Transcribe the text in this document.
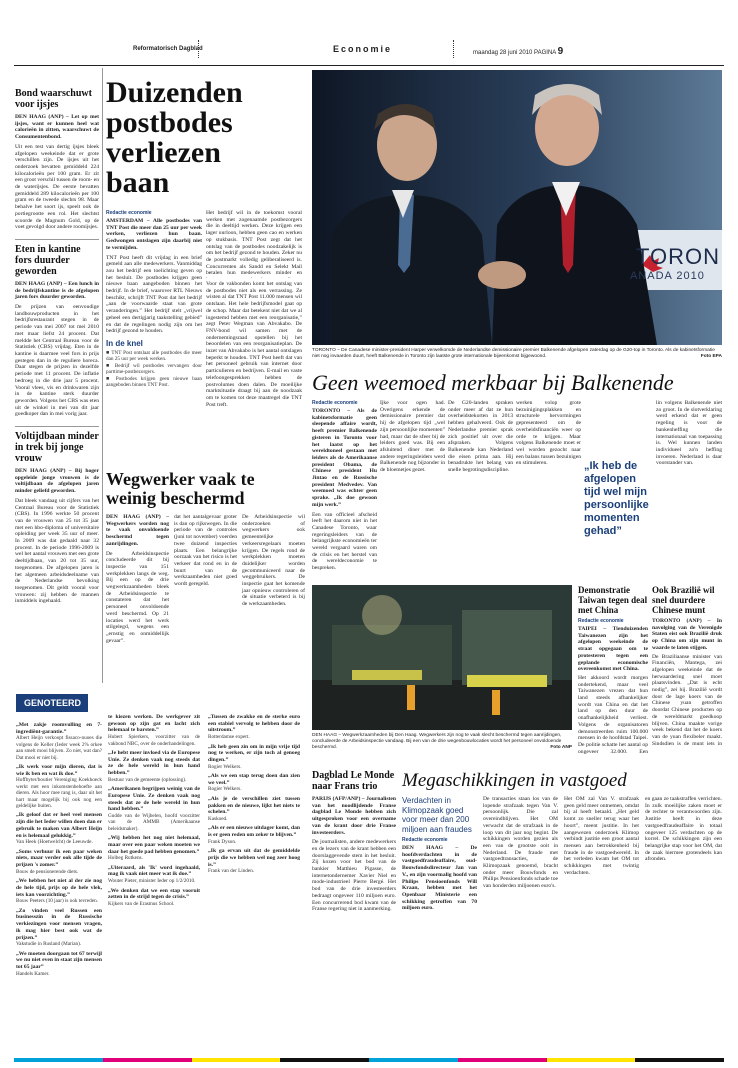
Reformatorisch Dagblad	Economie	maandag 28 juni 2010 PAGINA 9
Bond waarschuwt voor ijsjes
DEN HAAG (ANP) – Let op met ijsjes, want er kunnen heel wat calorieën in zitten, waarschuwt de Consumentenbond.
Uit een test van dertig ijsjes bleek afgelopen weekeinde dat er grote verschillen zijn. De ijsjes uit het onderzoek bevatten gemiddeld 224 kilocalorieën per 100 gram. Er zit een groot verschil tussen de room- en de waterijsjes. De eerste bevatten gemiddeld 289 kilocalorieën per 100 gram en de tweede slechts 98. Maar behalve het soort ijs, speelt ook de portiegrootte een rol. Het slechtst scoorde de Magnum Gold, op de voet gevolgd door andere roomijsjes.
Eten in kantine fors duurder geworden
DEN HAAG (ANP) – Een lunch in de bedrijfskantine is de afgelopen jaren fors duurder geworden.
De prijzen van eenvoudige landbouwproducten in het bedrijfsrestaurant stegen in de periode van mei 2007 tot mei 2010 met maar liefst 24 procent. Dat meldde het Centraal Bureau voor de Statistiek (CBS) vrijdag. Eten in de kantine is daarmee veel fors in prijs gestegen dan in de reguliere horeca. Daar stegen de prijzen in dezelfde periode met 11 procent. De inflatie bedroeg in die drie jaar 5 procent. Vooral vlees, vis en drinkwaren zijn in de kantine sterk duurder geworden. Volgens het CBS was eten uit de winkel in mei van dit jaar goedkoper dan in mei vorig jaar.
Voltijdbaan minder in trek bij jonge vrouw
DEN HAAG (ANP) – Bij hoger opgeleide jonge vrouwen is de voltijdbaan de afgelopen jaren minder geliefd geworden.
Dat bleek vandaag uit cijfers van het Centraal Bureau voor de Statistiek (CBS). In 1996 werkte 50 procent van de vrouwen van 25 tot 35 jaar met een hbo-diploma of universitaire opleiding per week 35 uur of meer. In 2009 was dat gedaald naar 32 procent. In de periode 1996-2009 is wel het aantal vrouwen met een grote deeltijdbaan, van 20 tot 35 uur, toegenomen. De afgelopen jaren is het algemeen arbeidsdeelname van de Nederlandse bevolking toegenomen. Dit geldt vooral voor vrouwen: zij hebben de mannen inmiddels ingehaald.
Duizenden postbodes verliezen baan
Redactie economie
AMSTERDAM – Alle postbodes van TNT Post die meer dan 25 uur per week werken, verliezen hun baan. Gedwongen ontslagen zijn daarbij niet te vermijden.
TNT Post heeft dit vrijdag in een brief gemeld aan alle medewerkers. Vanmiddag zou het bedrijf een toelichting geven op het besluit. De postbodes krijgen geen nieuwe baan aangeboden binnen het bedrijf. In de brief, waarover RTL Nieuws beschikt, schrijft TNT Post dat het bedrijf „aan de voorwaarde staat van grote veranderingen.” Het bedrijf stelt „vrijwel geheel een dertigjarig taakstelling gebied” en dat de regelingen nodig zijn om het bedrijf gezond te houden.
In de knel
■ TNT Post ontslaat alle postbodes die meer dan 25 uur per week werken.
■ Bedrijf wil postbodes vervangen door parttime-postbezorgers.
■ Postbodes krijgen geen nieuwe baan aangeboden binnen TNT Post.
Voor de vakbonden komt het ontslag van de postbodes niet als een verrassing. Ze wisten al dat TNT Post 11.000 mensen wil ontslaan. Het hele bedrijfsmodel gaat op de schop. Maar dat betekent niet dat we al ingestemd hebben met een reorganisatie,” zegt Peter Wegman van Abvakabo. De FNV-bond wil samen met de ondernemingsraad opstellen bij het beoordelen van een reorganisatieplan. De inzet van Abvakabo is het aantal ontslagen beperkt te houden. TNT Post heeft dat van het personeel gebruik van internet door particulieren en bedrijven. E-mail en vaste telefoongesprekken hebben de postvolumes doen dalen. De moeilijke marktsituatie draagt bij aan de noodzaak om te komen tot deze maatregel die TNT Post treft.
Het bedrijf wil in de toekomst vooral werken met zogenaamde postbezorgers die in deeltijd werken. Deze krijgen een lager uurloon, hebben geen cao en werken op stukbasis. TNT Post zegt dat het ontslag van de postbodes noodzakelijk is om het bedrijf gezond te houden. Zeker nu de postmarkt volledig geliberaliseerd is. Concurrenten als Sandd en Selekt Mail betalen hun medewerkers minder en
TORON
ANADA 2010
TORONTO – De Canadese minister-president Harper verwelkomde de Nederlandse demissionaire premier Balkenende afgelopen zaterdag op de G20-top in Toronto. Als de kabinetsformatie niet nog invaarden duurt, heeft Balkenende in Toronto zijn laatste grote internationale bijeenkomst bijgewoond.	Foto EPA
Geen weemoed merkbaar bij Balkenende
Redactie economie
TORONTO – Als de kabinetsformatie geen sleepende affaire wordt, heeft premier Balkenende gisteren in Toronto voor het laatst op het wereldtoneel gestaan met leiders als de Amerikaanse president Obama, de Chinese president Hu Jintao en de Russische president Medvedev. Van weemoed was echter geen sprake. „Ik doe gewoon mijn werk.”
Een van officieel afscheid leeft het daarom niet in het Canadese Toronto, waar regeringsleiders van de belangrijkste economieën ter wereld vergaard waren om de crisis en het herstel van de wereldeconomie te bespreken.
Ijke voor ogen had. Overigens erkende de demissionaire premier dat hij de afgelopen tijd „wel zijn persoonlijke momenten” had, maar dat de sfeer bij de leiders goed was. Bij een afsluitend diner met de andere regeringsleiders werd Balkenende nog bijzonder in de bloemetjes gezet.
De G20-landen spraken onder meer af dat ze hun overheidstekorten in 2013 hebben gehalveerd. Ook de Nederlandse premier sprak zich positief uit over die afspraken. Volgens Balkenende kan Nederland die eisen prima aan. Hij benadrukte het belang van snelle begrotingsdiscipline.
werken volop grote bezuinigingsplakken en structurele hervormingen gepresenteerd om de overheidsfinanciën weer op orde te krijgen. Maar volgens Balkenende moet er wel worden gezocht naar een balans tussen bezuinigen en stimuleren.	„Ik heb de afgelopen tijd wel mijn persoonlijke momenten gehad”
lin volgens Balkenende niet zo groot. In de slotverklaring werd erkend dat er geen regeling is voor de bankenheffing die internationaal van toepassing is. Wel kunnen landen individueel zo'n heffing invoeren. Nederland is daar voorstander van.
Wegwerker vaak te weinig beschermd
DEN HAAG (ANP) – Wegwerkers worden nog te vaak onvoldoende beschermd tegen aanrijdingen.
De Arbeidsinspectie concludeerde dit bij inspectie van 151 werkplekken langs de weg. Bij een op de drie wegwerkzaamheden bleek de Arbeidsinspectie te constateren dat het personeel onvoldoende werd beschermd. Op 21 locaties werd het werk stilgelegd, wegens een „ernstig en onmiddellijk gevaar”.
dat het aantalgevaar groter is dan op rijkswegen. In die periode van de controles (juni tot november) voerden twee duizend inspecties plaats. Een belangrijke oorzaak van het risico is het verkeer dat rond en in de buurt van de werkzaamheden niet goed wordt geregeld.
De Arbeidsinspectie wil onderzoeken of wegwerkers ook gemeentelijke verkeersregelaars moeten krijgen. De regels rond de werkplekken moeten duidelijker worden gecommuniceerd naar de weggebruikers. De inspectie gaat het komende jaar opnieuw controleren of de situatie verbeterd is bij de werkzaamheden.
DEN HAAG – Wegwerkzaamheden bij Den Haag. Wegwerkers zijn nog te vaak slecht beschermd tegen aanrijdingen, concludeerde de Arbeidsinspectie vandaag. Bij een van de drie wegenbouwlocaties wordt het personeel onvoldoende beschermd.	Foto ANP
Demonstratie Taiwan tegen deal met China
Redactie economie
TAIPEI – Tienduizenden Taiwanezen zijn het afgelopen weekeinde de straat opgegaan om te protesteren tegen een geplande economische overeenkomst met China.
Het akkoord wordt morgen ondertekend, maar veel Taiwanezen vrezen dat hun land steeds afhankelijker wordt van China en dat het land op den duur de onafhankelijkheid verliest. Volgens de organisatoren demonstreerden ruim 100.000 mensen in de hoofdstad Taipei. De politie schatte het aantal op ongeveer 32.000. Een
Ook Brazilië wil snel duurdere Chinese munt
TORONTO (ANP) – In navolging van de Verenigde Staten eist ook Brazilië druk op China om zijn munt in waarde te laten stijgen.
De Braziliaanse minister van Financiën, Mantega, zei afgelopen weekeinde dat de herwaardering snel moet plaatsvinden. „Dat is echt nodig”, zei hij. Brazilië wordt door de lage koers van de Chinese yuan getroffen doordat Chinese producten op de wereldmarkt goedkoop blijven. China maakte vorige week bekend dat het de koers van de yuan flexibeler maakt. Sindsdien is de munt iets in
GENOTEERD
„Met zakje roomvulling en 7-ingrediënt-garantie.”
Albert Heijn verkoopt fissaco-nuoes die volgens de Keller (Ieder week 2% orkee aan smelt mooi blijven. Zo niet, wat dan? Dat mooi er niet bij.
„Ik werk voor mijn dieren, dat is wie ik ben en wat ik doe.”
Hoffbyter/boutier Vereniging Koekhoeck werkt met een inkomstenbehoefte aan dieren. Als hoor mee rang is, daar uit het hart maar mogelijk bij ook nog een geldelijke buiten.
„Ik geloof dat er heel veel mensen zijn die het Ieder willen doen dan er gebruik te maken van Albert Heijn en is helemaal gelukkig.”
Van Heek (Hoetwelcht) de Leeuwde.
„Soms verhuur ik een paar weken niets, maar verder ook alle tijde de prijzen 's zomer.”
Bouw de pensionerende diets.
„We hebben het niet al der zie nog de hele tijd, prijs op de hele vlek, iets kan voorzichting.”
Bouw Peeters (10 jaar) is ook tevreden.
„Zo vinden veel Russen een businesszin in de Russische verkiezingen voor mensen vragen, ik mag hier best ook wat de prijzen.”
Vakstudie in Rusland (Marian).
„We moeten doorgaan tot 67 terwijl we nu niet even in staat zijn mensen tot 65 jaar”
Handels Kamer.
te kiezen werken. De werkgever zit gewoon op zijn gat en lacht zich helemaal te barsten.”
Hubert Spierkers, voorzitter van de vakbond NBC, over de onderhandelingen.
„Je hebt meer invloed via de Europese Unie. Ze denken vaak nog steeds dat ze de hele wereld in hun hand hebben.”
Bestuur van de gemeente (oplossing).
„Amerikanen begrijpen weinig van de Europese Unie. Ze denken vaak nog steeds dat ze de hele wereld in hun hand hebben.”
Gudde van de Wijbelen, hoofd voorzitter van de AMMB (Amerikaanse beleidsmaker).
„Wij hebben het nog niet helemaal, maar over een paar weken moeten we daar het goede pad hebben genomen.”
Holbeg Rutkens.
„Uiteraard, als 'Ik' word ingehaald, mag ik vaak niet meer wat ik doe.”
Wouter Pieter, minister Ieder op 1/2/2010.
„We denken dat we een stap vooruit zetten in de strijd tegen de crisis.”
Kijkers van de Erasmus School.
„Tussen de zwakke en de sterke euro een stabiel vervolg te hebben door de uitstroom.”
Rotterdamse expert.
„Ik heb geen zin om in mijn vrije tijd nog te werken, er zijn toch al genoeg dingen.”
Rogier Welkers.
„Als we een stap terug doen dan zien we veel.”
Rogier Welkers.
„Als je de verschillen ziet tussen pakken en de nieuwe, lijkt het niets te schelen.”
Kaskoed.
„Als er een nieuwe uitdager komt, dan is er geen reden om zeker te blijven.”
Frank Dyson.
„Ik ga ervan uit dat de gemiddelde prijs die we hebben wel nog zeer hoog is.”
Frank van der Linden.
Dagblad Le Monde naar Frans trio
PARIJS (AFP/ANP) – Journalisten van het noodlijdende Franse dagblad Le Monde hebben zich uitgesproken voor een overname van de krant door drie Franse investeerders.
De journalisten, andere medewerkers en de lezers van de krant hebben een doorslaggevende stem in het besluit. Zij kozen voor het bod van de bankier Matthieu Pigasse, de internetondernemer Xavier Niel en mode-industrieel Pierre Bergé. Het bod van de drie investeerders bedraagt ongeveer 110 miljoen euro. Een concurrerend bod kwam van de Franse regering niet in aanmerking.
Megaschikkingen in vastgoed
Verdachten in Klimopzaak goed voor meer dan 200 miljoen aan fraudes
Redactie economie
DEN HAAG – De hoofdverdachten in de vastgoedfraudeaffaire, oud-Bouwfondsdirecteur Jan van V., en zijn voormalig hoofd van Philips Pensioenfonds Will Kraan, hebben met het Openbaar Ministerie een schikking getroffen van 70 miljoen euro.
De transacties staan los van de lopende strafzaak tegen Van V. persoonlijk. Die zal overeindblijven. Het OM verwacht dat de strafzaak in de loop van dit jaar nog begint. De schikkingen worden gezien als een van de grootste ooit in Nederland. De fraude met vastgoedtransacties, de Klimopzaak genoemd, bracht onder meer Bouwfonds en Philips Pensioenfonds schade toe van honderden miljoenen euro's.
Het OM zal Van V. strafzaak geen geld meer ontnemen, omdat bij al heeft betaald. „Het geld komt zo sneller terug waar het hoort”, meent justitie. In het aangewezen onderzoek Klimop verbindt justitie een groot aantal mensen aan betrokkenheid bij fraude in de vastgoedwereld. In het verleden kwam het OM tot schikkingen met twintig verdachten.
en gaan ze taakstraffen verrichten. In zulk moeilijke zaken moet er de rechter te verantwoorden zijn. Justitie heeft in deze vastgoedfraudeaffaire in totaal ongeveer 125 verdachten op de korrel. De schikkingen zijn een belangrijke stap voor het OM, dat de zaak hiermee grotendeels kan afronden.
